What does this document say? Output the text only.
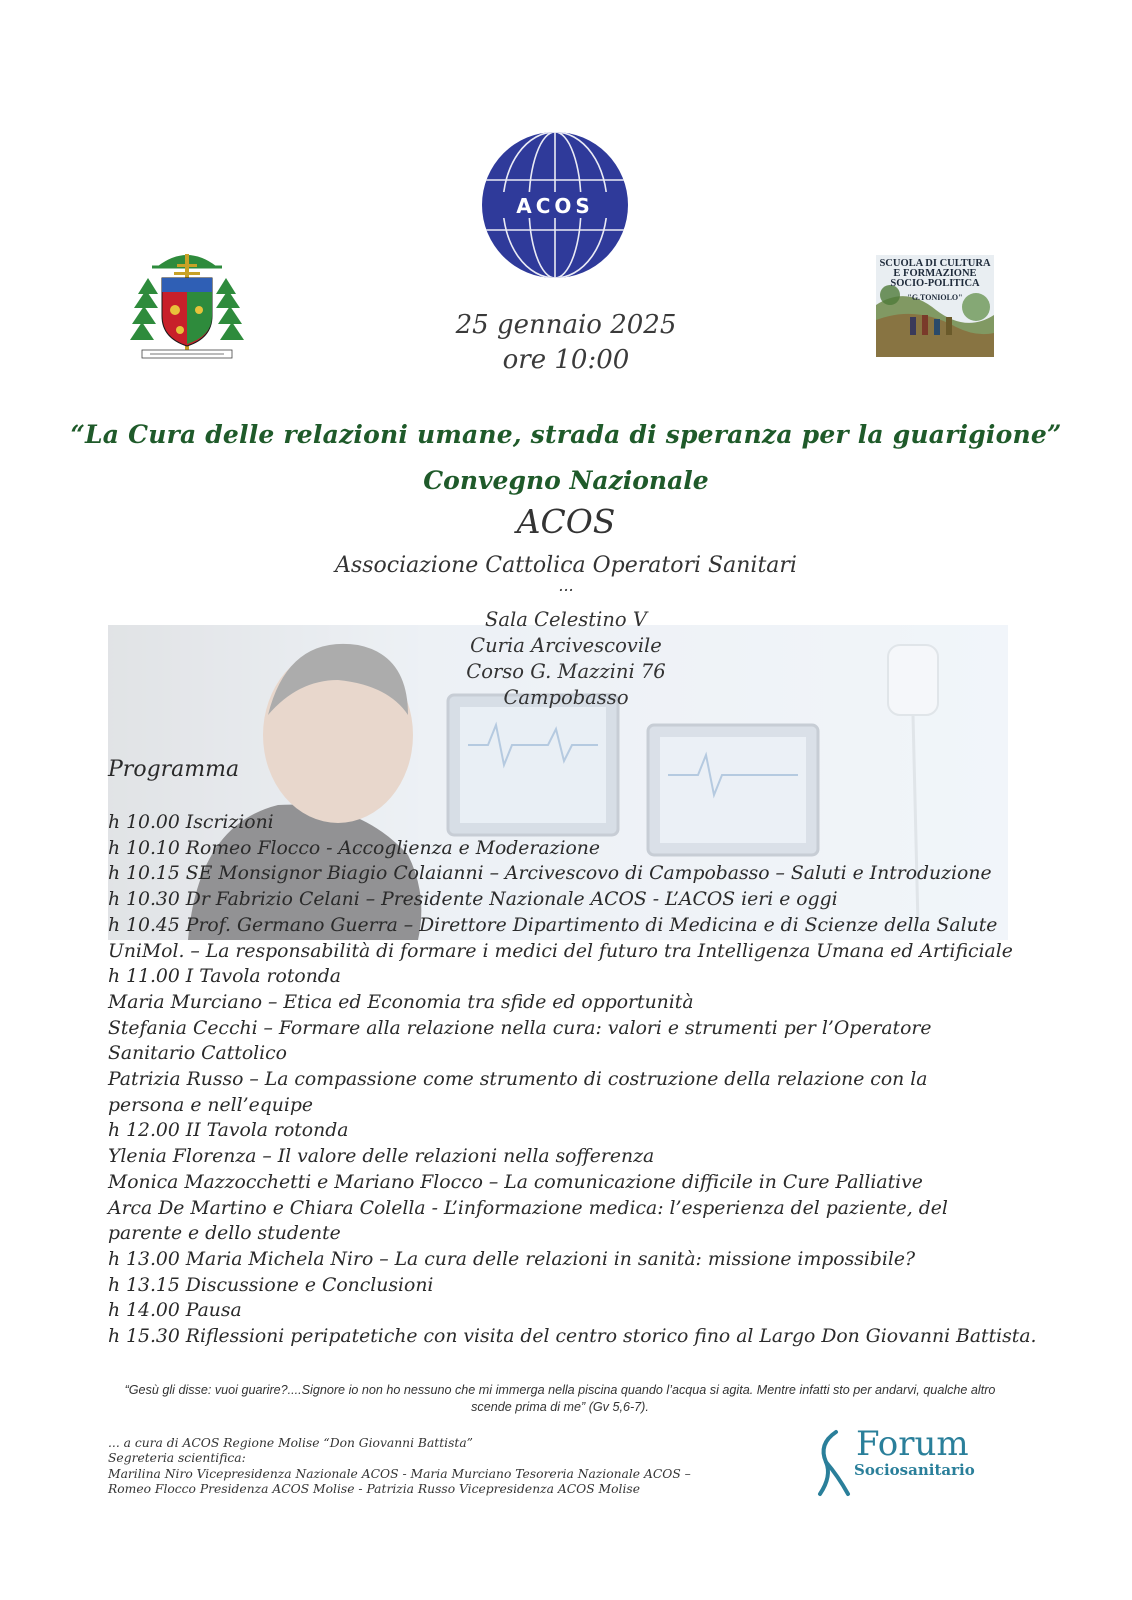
ACOS
SCUOLA DI CULTURA
E FORMAZIONE
SOCIO-POLITICA
"G.TONIOLO"
25 gennaio 2025
ore 10:00
“La Cura delle relazioni umane, strada di speranza per la guarigione”
Convegno Nazionale
ACOS
Associazione Cattolica Operatori Sanitari
...
Sala Celestino V
Curia Arcivescovile
Corso G. Mazzini 76
Campobasso
Programma
h 10.00 Iscrizioni
h 10.10 Romeo Flocco - Accoglienza e Moderazione
h 10.15 SE Monsignor Biagio Colaianni – Arcivescovo di Campobasso – Saluti e Introduzione
h 10.30 Dr Fabrizio Celani – Presidente Nazionale ACOS - L’ACOS ieri e oggi
h 10.45 Prof. Germano Guerra – Direttore Dipartimento di Medicina e di Scienze della Salute
UniMol. – La responsabilità di formare i medici del futuro tra Intelligenza Umana ed Artificiale
h 11.00 I Tavola rotonda
Maria Murciano – Etica ed Economia tra sfide ed opportunità
Stefania Cecchi – Formare alla relazione nella cura: valori e strumenti per l’Operatore Sanitario Cattolico
Patrizia Russo – La compassione come strumento di costruzione della relazione con la persona e nell’equipe
h 12.00 II Tavola rotonda
Ylenia Florenza – Il valore delle relazioni nella sofferenza
Monica Mazzocchetti e Mariano Flocco – La comunicazione difficile in Cure Palliative
Arca De Martino e Chiara Colella - L’informazione medica: l’esperienza del paziente, del parente e dello studente
h 13.00 Maria Michela Niro – La cura delle relazioni in sanità: missione impossibile?
h 13.15 Discussione e Conclusioni
h 14.00 Pausa
h 15.30 Riflessioni peripatetiche con visita del centro storico fino al Largo Don Giovanni Battista.
“Gesù gli disse: vuoi guarire?....Signore io non ho nessuno che mi immerga nella piscina quando l’acqua si agita. Mentre infatti sto per andarvi, qualche altro scende prima di me” (Gv 5,6-7).
... a cura di ACOS Regione Molise “Don Giovanni Battista”
Segreteria scientifica:
Marilina Niro Vicepresidenza Nazionale ACOS - Maria Murciano Tesoreria Nazionale ACOS –
Romeo Flocco Presidenza ACOS Molise - Patrizia Russo Vicepresidenza ACOS Molise
Forum
Sociosanitario
